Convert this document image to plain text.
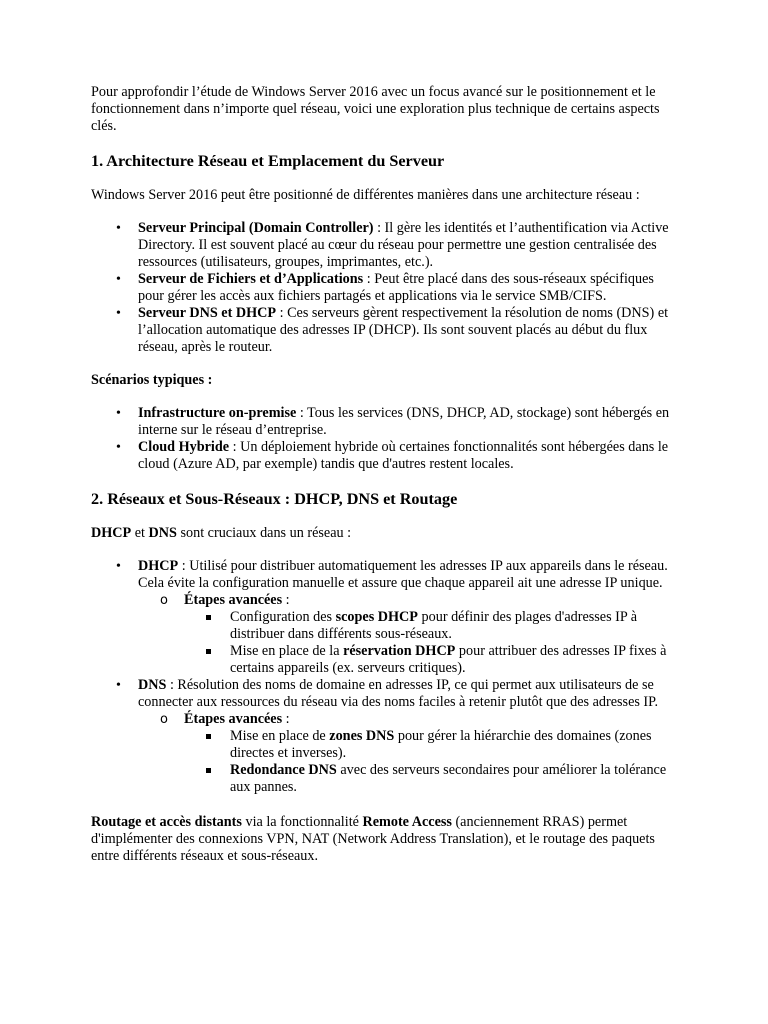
Pour approfondir l’étude de Windows Server 2016 avec un focus avancé sur le positionnement et le fonctionnement dans n’importe quel réseau, voici une exploration plus technique de certains aspects clés.

1. Architecture Réseau et Emplacement du Serveur

Windows Server 2016 peut être positionné de différentes manières dans une architecture réseau :

• Serveur Principal (Domain Controller) : Il gère les identités et l’authentification via Active Directory. Il est souvent placé au cœur du réseau pour permettre une gestion centralisée des ressources (utilisateurs, groupes, imprimantes, etc.).
• Serveur de Fichiers et d’Applications : Peut être placé dans des sous-réseaux spécifiques pour gérer les accès aux fichiers partagés et applications via le service SMB/CIFS.
• Serveur DNS et DHCP : Ces serveurs gèrent respectivement la résolution de noms (DNS) et l’allocation automatique des adresses IP (DHCP). Ils sont souvent placés au début du flux réseau, après le routeur.

Scénarios typiques :

• Infrastructure on-premise : Tous les services (DNS, DHCP, AD, stockage) sont hébergés en interne sur le réseau d’entreprise.
• Cloud Hybride : Un déploiement hybride où certaines fonctionnalités sont hébergées dans le cloud (Azure AD, par exemple) tandis que d'autres restent locales.
2. Réseaux et Sous-Réseaux : DHCP, DNS et Routage

DHCP et DNS sont cruciaux dans un réseau :

• DHCP : Utilisé pour distribuer automatiquement les adresses IP aux appareils dans le réseau. Cela évite la configuration manuelle et assure que chaque appareil ait une adresse IP unique.
o Étapes avancées :
Configuration des scopes DHCP pour définir des plages d'adresses IP à distribuer dans différents sous-réseaux.
Mise en place de la réservation DHCP pour attribuer des adresses IP fixes à certains appareils (ex. serveurs critiques).
• DNS : Résolution des noms de domaine en adresses IP, ce qui permet aux utilisateurs de se connecter aux ressources du réseau via des noms faciles à retenir plutôt que des adresses IP.
o Étapes avancées :
Mise en place de zones DNS pour gérer la hiérarchie des domaines (zones directes et inverses).
Redondance DNS avec des serveurs secondaires pour améliorer la tolérance aux pannes.

Routage et accès distants via la fonctionnalité Remote Access (anciennement RRAS) permet d'implémenter des connexions VPN, NAT (Network Address Translation), et le routage des paquets entre différents réseaux et sous-réseaux.
